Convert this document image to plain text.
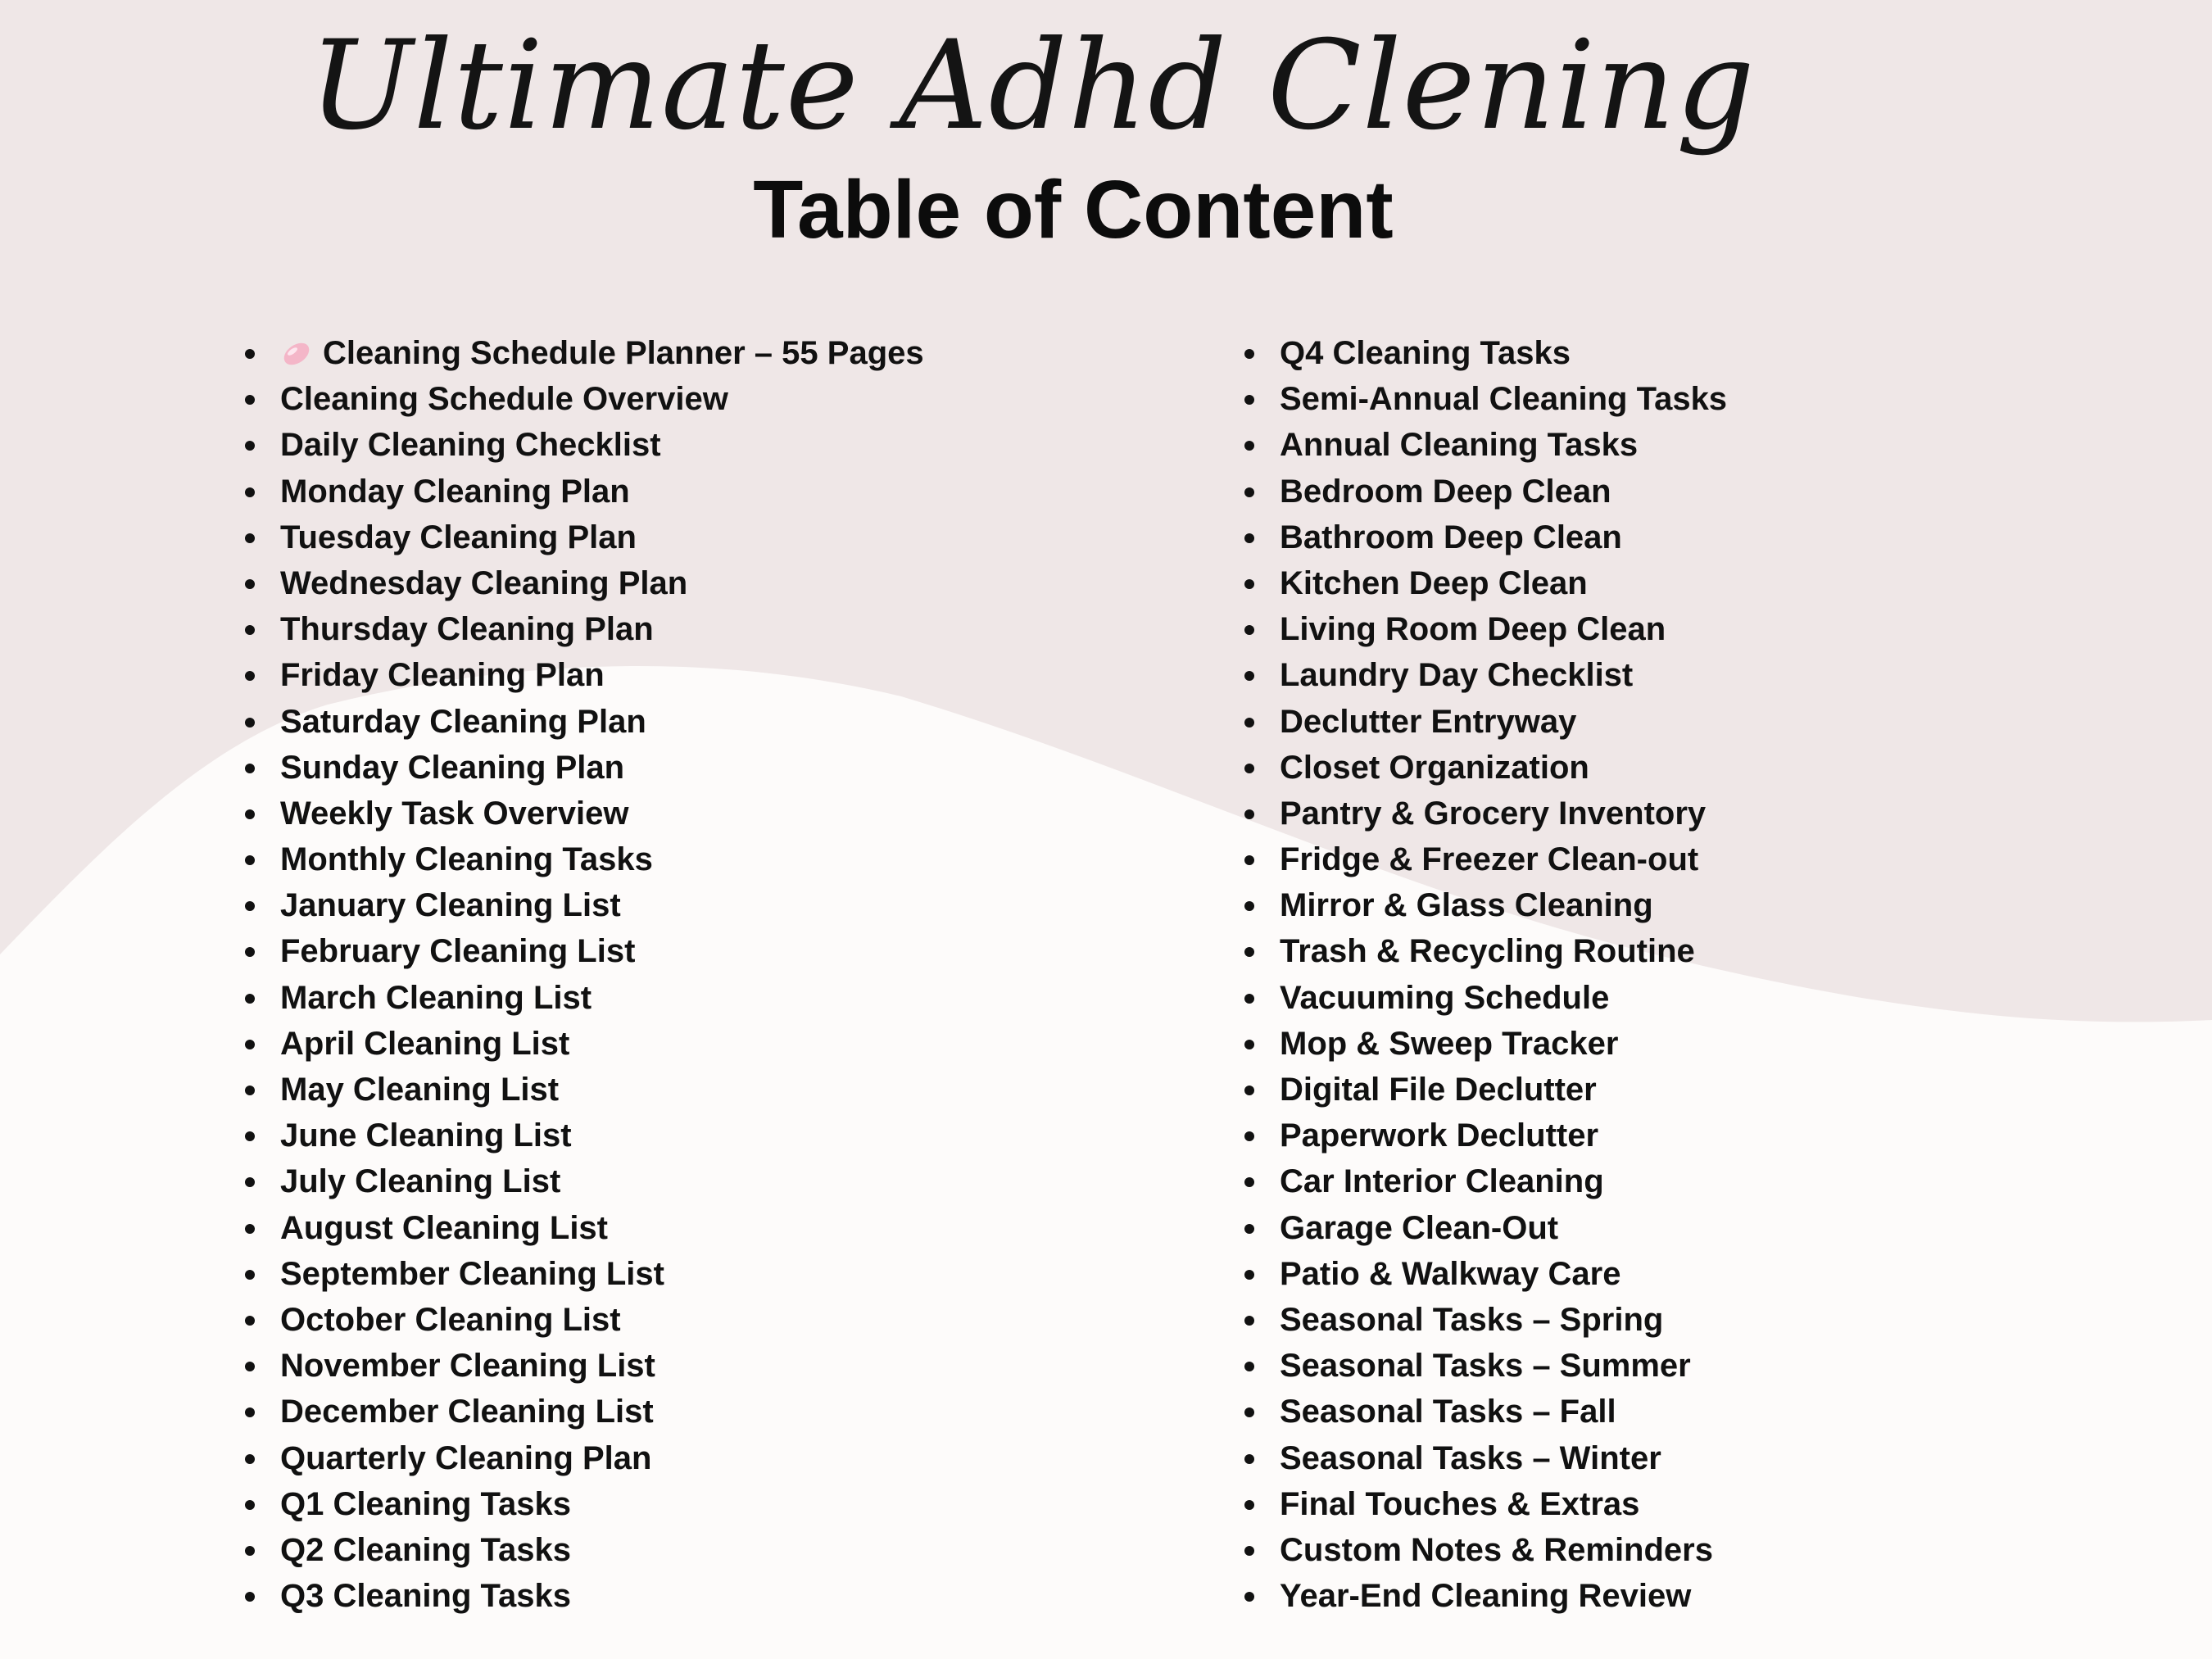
Ultimate Adhd Clening
Table of Content
Cleaning Schedule Planner – 55 Pages
Cleaning Schedule Overview
Daily Cleaning Checklist
Monday Cleaning Plan
Tuesday Cleaning Plan
Wednesday Cleaning Plan
Thursday Cleaning Plan
Friday Cleaning Plan
Saturday Cleaning Plan
Sunday Cleaning Plan
Weekly Task Overview
Monthly Cleaning Tasks
January Cleaning List
February Cleaning List
March Cleaning List
April Cleaning List
May Cleaning List
June Cleaning List
July Cleaning List
August Cleaning List
September Cleaning List
October Cleaning List
November Cleaning List
December Cleaning List
Quarterly Cleaning Plan
Q1 Cleaning Tasks
Q2 Cleaning Tasks
Q3 Cleaning Tasks
Q4 Cleaning Tasks
Semi-Annual Cleaning Tasks
Annual Cleaning Tasks
Bedroom Deep Clean
Bathroom Deep Clean
Kitchen Deep Clean
Living Room Deep Clean
Laundry Day Checklist
Declutter Entryway
Closet Organization
Pantry & Grocery Inventory
Fridge & Freezer Clean-out
Mirror & Glass Cleaning
Trash & Recycling Routine
Vacuuming Schedule
Mop & Sweep Tracker
Digital File Declutter
Paperwork Declutter
Car Interior Cleaning
Garage Clean-Out
Patio & Walkway Care
Seasonal Tasks – Spring
Seasonal Tasks – Summer
Seasonal Tasks – Fall
Seasonal Tasks – Winter
Final Touches & Extras
Custom Notes & Reminders
Year-End Cleaning Review
